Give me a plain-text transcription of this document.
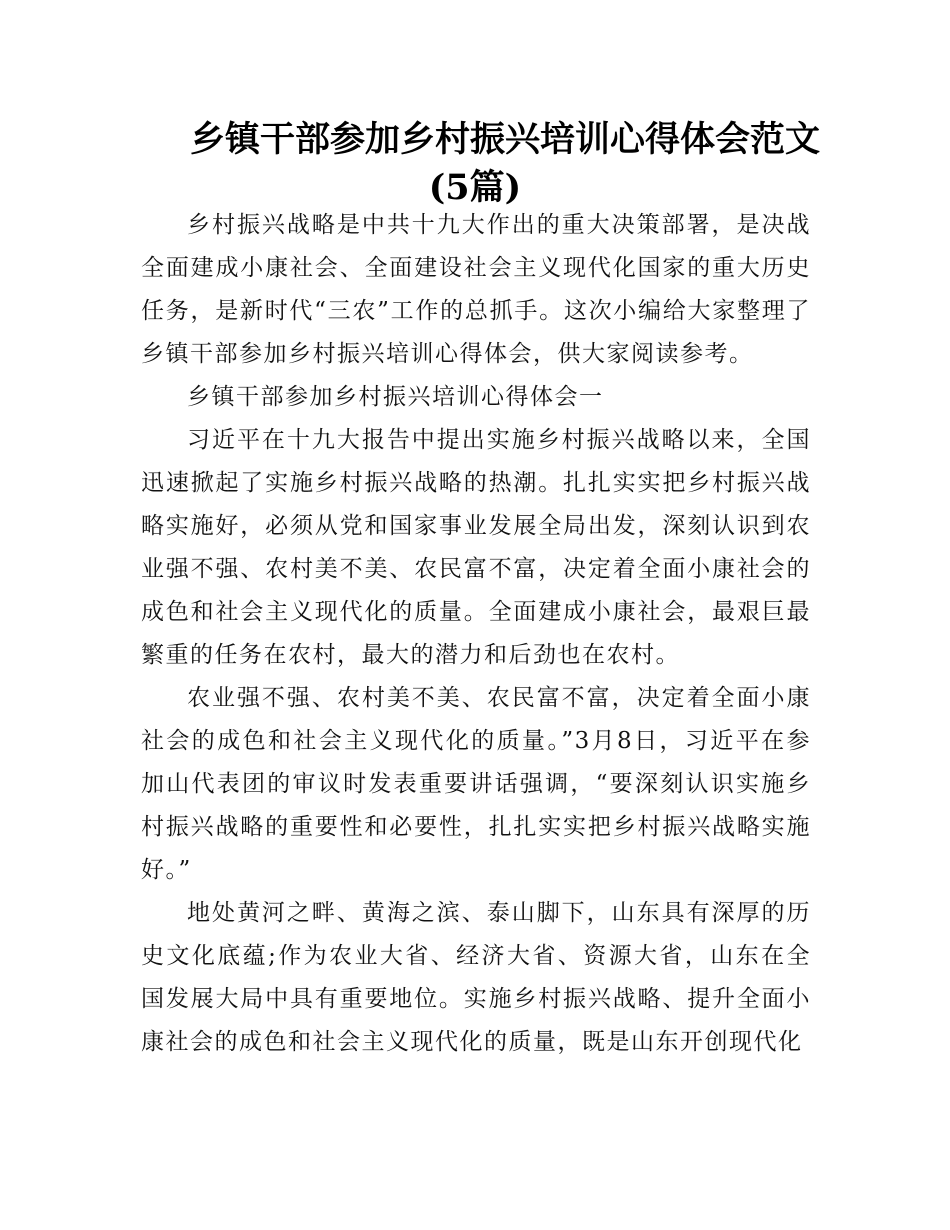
乡镇干部参加乡村振兴培训心得体会范文
(5篇)

乡村振兴战略是中共十九大作出的重大决策部署，是决战全面建成小康社会、全面建设社会主义现代化国家的重大历史任务，是新时代“三农”工作的总抓手。这次小编给大家整理了乡镇干部参加乡村振兴培训心得体会，供大家阅读参考。

乡镇干部参加乡村振兴培训心得体会一

习近平在十九大报告中提出实施乡村振兴战略以来，全国迅速掀起了实施乡村振兴战略的热潮。扎扎实实把乡村振兴战略实施好，必须从党和国家事业发展全局出发，深刻认识到农业强不强、农村美不美、农民富不富，决定着全面小康社会的成色和社会主义现代化的质量。全面建成小康社会，最艰巨最繁重的任务在农村，最大的潜力和后劲也在农村。

农业强不强、农村美不美、农民富不富，决定着全面小康社会的成色和社会主义现代化的质量。”3月8日，习近平在参加山代表团的审议时发表重要讲话强调，“要深刻认识实施乡村振兴战略的重要性和必要性，扎扎实实把乡村振兴战略实施好。”

地处黄河之畔、黄海之滨、泰山脚下，山东具有深厚的历史文化底蕴;作为农业大省、经济大省、资源大省，山东在全国发展大局中具有重要地位。实施乡村振兴战略、提升全面小康社会的成色和社会主义现代化的质量，既是山东开创现代化
